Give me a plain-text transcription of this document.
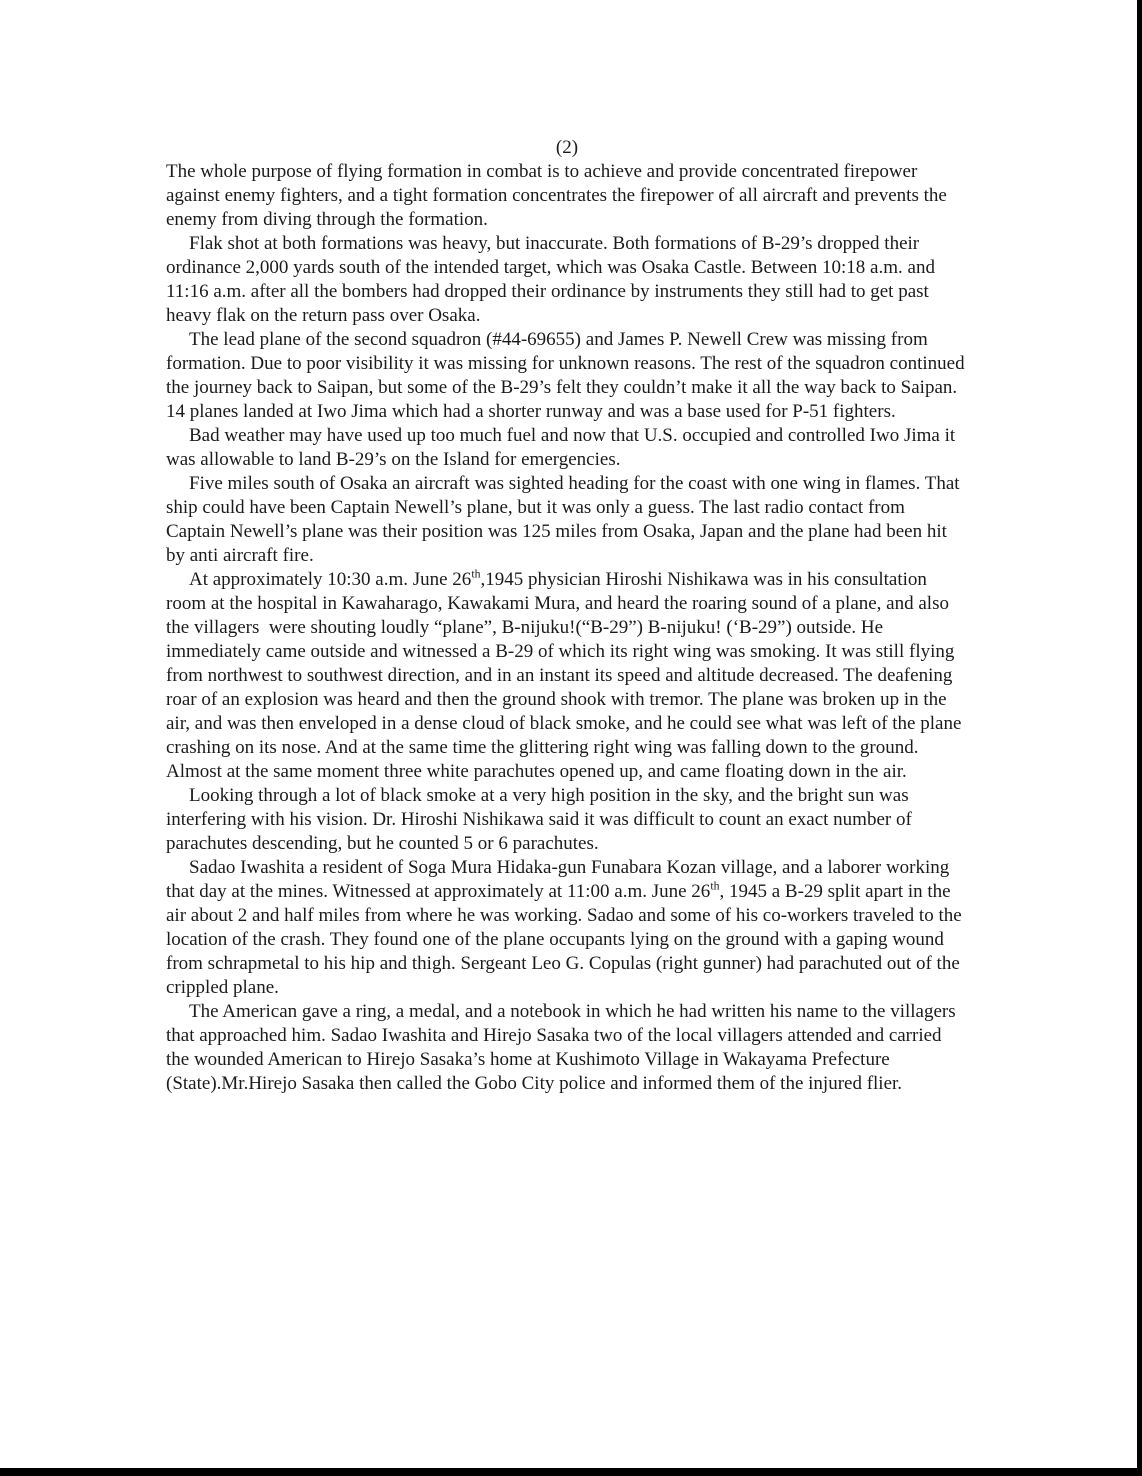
(2)

The whole purpose of flying formation in combat is to achieve and provide concentrated firepower against enemy fighters, and a tight formation concentrates the firepower of all aircraft and prevents the enemy from diving through the formation.

Flak shot at both formations was heavy, but inaccurate. Both formations of B-29’s dropped their ordinance 2,000 yards south of the intended target, which was Osaka Castle. Between 10:18 a.m. and 11:16 a.m. after all the bombers had dropped their ordinance by instruments they still had to get past heavy flak on the return pass over Osaka.

The lead plane of the second squadron (#44-69655) and James P. Newell Crew was missing from formation. Due to poor visibility it was missing for unknown reasons. The rest of the squadron continued the journey back to Saipan, but some of the B-29’s felt they couldn’t make it all the way back to Saipan. 14 planes landed at Iwo Jima which had a shorter runway and was a base used for P-51 fighters.

Bad weather may have used up too much fuel and now that U.S. occupied and controlled Iwo Jima it was allowable to land B-29’s on the Island for emergencies.

Five miles south of Osaka an aircraft was sighted heading for the coast with one wing in flames. That ship could have been Captain Newell’s plane, but it was only a guess. The last radio contact from Captain Newell’s plane was their position was 125 miles from Osaka, Japan and the plane had been hit by anti aircraft fire.

At approximately 10:30 a.m. June 26th,1945 physician Hiroshi Nishikawa was in his consultation room at the hospital in Kawaharago, Kawakami Mura, and heard the roaring sound of a plane, and also the villagers  were shouting loudly “plane”, B-nijuku!(“B-29”) B-nijuku! (‘B-29”) outside. He immediately came outside and witnessed a B-29 of which its right wing was smoking. It was still flying from northwest to southwest direction, and in an instant its speed and altitude decreased. The deafening roar of an explosion was heard and then the ground shook with tremor. The plane was broken up in the air, and was then enveloped in a dense cloud of black smoke, and he could see what was left of the plane crashing on its nose. And at the same time the glittering right wing was falling down to the ground. Almost at the same moment three white parachutes opened up, and came floating down in the air.

Looking through a lot of black smoke at a very high position in the sky, and the bright sun was interfering with his vision. Dr. Hiroshi Nishikawa said it was difficult to count an exact number of parachutes descending, but he counted 5 or 6 parachutes.

Sadao Iwashita a resident of Soga Mura Hidaka-gun Funabara Kozan village, and a laborer working that day at the mines. Witnessed at approximately at 11:00 a.m. June 26th, 1945 a B-29 split apart in the air about 2 and half miles from where he was working. Sadao and some of his co-workers traveled to the location of the crash. They found one of the plane occupants lying on the ground with a gaping wound from schrapmetal to his hip and thigh. Sergeant Leo G. Copulas (right gunner) had parachuted out of the crippled plane.

The American gave a ring, a medal, and a notebook in which he had written his name to the villagers that approached him. Sadao Iwashita and Hirejo Sasaka two of the local villagers attended and carried the wounded American to Hirejo Sasaka’s home at Kushimoto Village in Wakayama Prefecture (State).Mr.Hirejo Sasaka then called the Gobo City police and informed them of the injured flier.
